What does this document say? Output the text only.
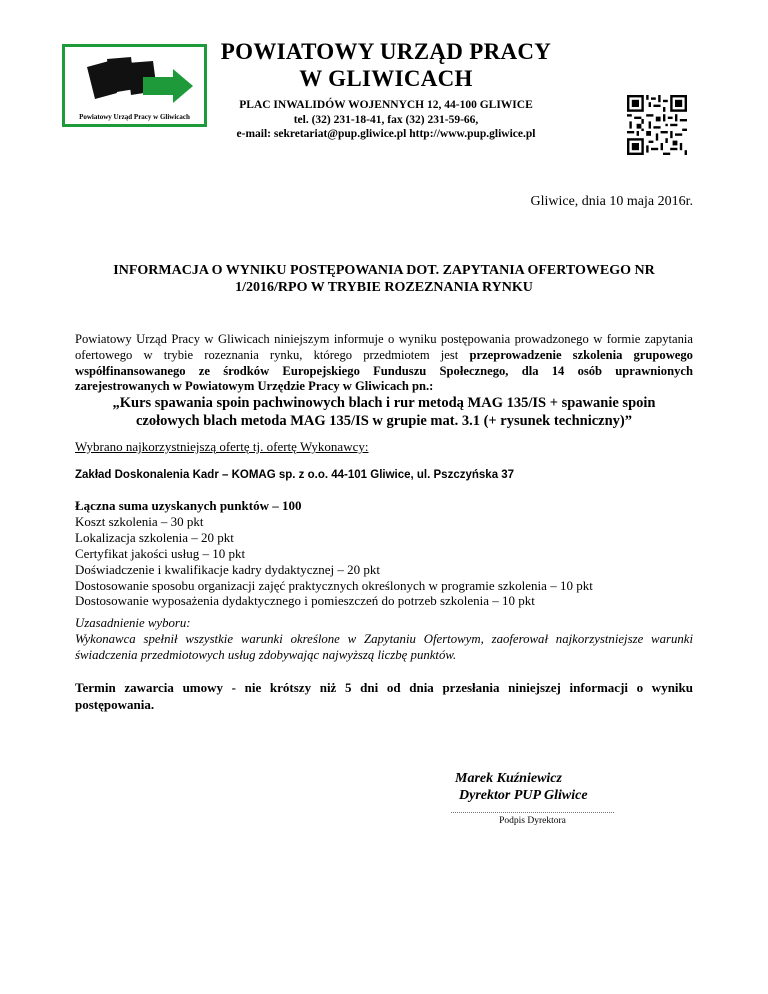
Powiatowy Urząd Pracy w Gliwicach
POWIATOWY URZĄD PRACY
W GLIWICACH
PLAC INWALIDÓW WOJENNYCH 12, 44-100 GLIWICE
tel. (32) 231-18-41, fax (32) 231-59-66,
e-mail: sekretariat@pup.gliwice.pl http://www.pup.gliwice.pl
Gliwice, dnia 10 maja 2016r.
INFORMACJA O WYNIKU POSTĘPOWANIA DOT. ZAPYTANIA OFERTOWEGO NR
1/2016/RPO W TRYBIE ROZEZNANIA RYNKU
Powiatowy Urząd Pracy w Gliwicach niniejszym informuje o wyniku postępowania prowadzonego w formie zapytania ofertowego w trybie rozeznania rynku, którego przedmiotem jest przeprowadzenie szkolenia grupowego współfinansowanego ze środków Europejskiego Funduszu Społecznego, dla 14 osób uprawnionych zarejestrowanych w Powiatowym Urzędzie Pracy w Gliwicach pn.:
„Kurs spawania spoin pachwinowych blach i rur metodą MAG 135/IS + spawanie spoin
czołowych blach metoda MAG 135/IS w grupie mat. 3.1 (+ rysunek techniczny)”
Wybrano najkorzystniejszą ofertę tj. ofertę Wykonawcy:
Zakład Doskonalenia Kadr – KOMAG sp. z o.o. 44-101 Gliwice, ul. Pszczyńska 37
Łączna suma uzyskanych punktów – 100
Koszt szkolenia – 30 pkt
Lokalizacja szkolenia – 20 pkt
Certyfikat jakości usług – 10 pkt
Doświadczenie i kwalifikacje kadry dydaktycznej – 20 pkt
Dostosowanie sposobu organizacji zajęć praktycznych określonych w programie szkolenia – 10 pkt
Dostosowanie wyposażenia dydaktycznego i pomieszczeń do potrzeb szkolenia – 10 pkt
Uzasadnienie wyboru:
Wykonawca spełnił wszystkie warunki określone w Zapytaniu Ofertowym, zaoferował najkorzystniejsze warunki świadczenia przedmiotowych usług zdobywając najwyższą liczbę punktów.
Termin zawarcia umowy - nie krótszy niż 5 dni od dnia przesłania niniejszej informacji o wyniku postępowania.
Marek Kuźniewicz
Dyrektor PUP Gliwice
Podpis Dyrektora
